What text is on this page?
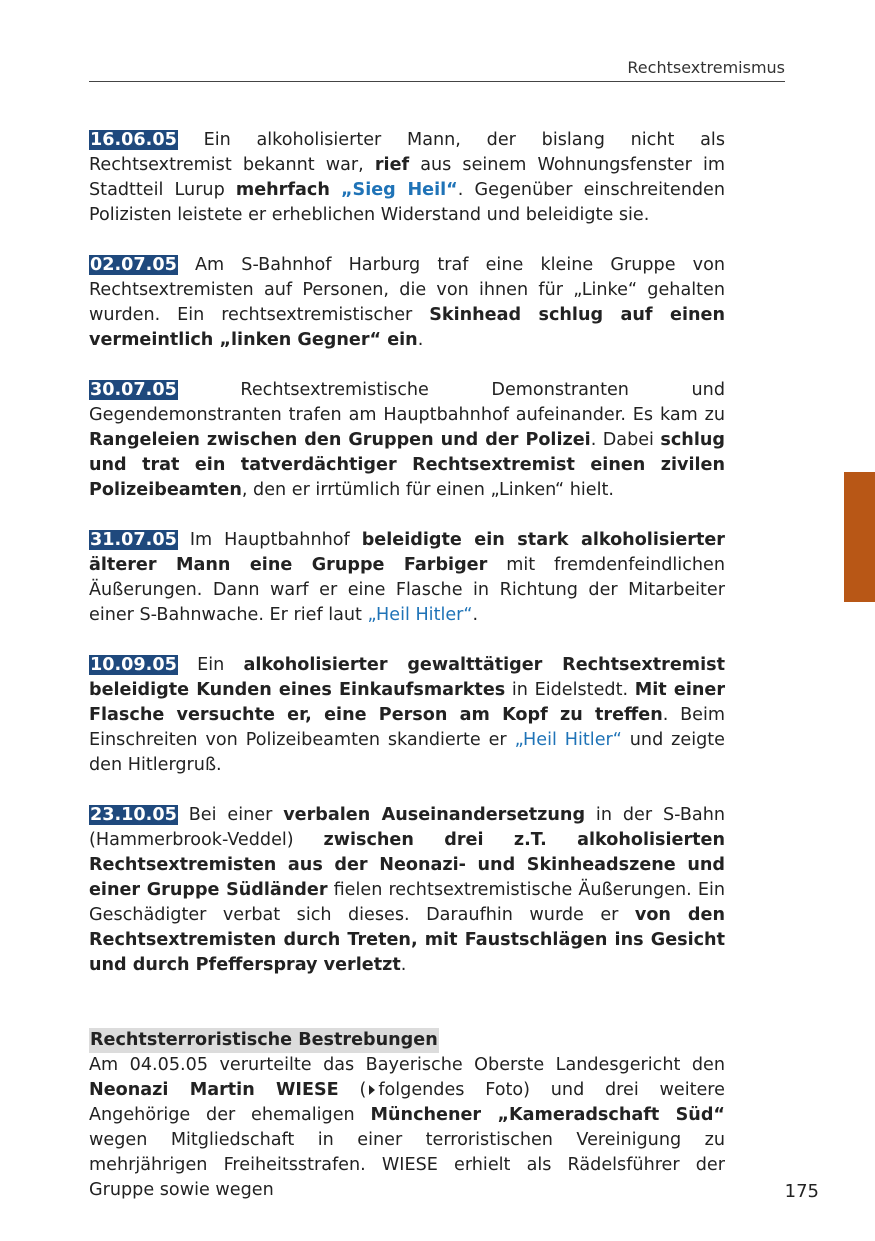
Rechtsextremismus

16.06.05 Ein alkoholisierter Mann, der bislang nicht als Rechtsextremist bekannt war, rief aus seinem Wohnungsfenster im Stadtteil Lurup mehrfach „Sieg Heil“. Gegenüber einschreitenden Polizisten leistete er erheblichen Widerstand und beleidigte sie.

02.07.05 Am S-Bahnhof Harburg traf eine kleine Gruppe von Rechtsextremisten auf Personen, die von ihnen für „Linke“ gehalten wurden. Ein rechtsextremistischer Skinhead schlug auf einen vermeintlich „linken Gegner“ ein.

30.07.05 Rechtsextremistische Demonstranten und Gegendemonstranten trafen am Hauptbahnhof aufeinander. Es kam zu Rangeleien zwischen den Gruppen und der Polizei. Dabei schlug und trat ein tatverdächtiger Rechtsextremist einen zivilen Polizeibeamten, den er irrtümlich für einen „Linken“ hielt.

31.07.05 Im Hauptbahnhof beleidigte ein stark alkoholisierter älterer Mann eine Gruppe Farbiger mit fremdenfeindlichen Äußerungen. Dann warf er eine Flasche in Richtung der Mitarbeiter einer S-Bahnwache. Er rief laut „Heil Hitler“.

10.09.05 Ein alkoholisierter gewalttätiger Rechtsextremist beleidigte Kunden eines Einkaufsmarktes in Eidelstedt. Mit einer Flasche versuchte er, eine Person am Kopf zu treffen. Beim Einschreiten von Polizeibeamten skandierte er „Heil Hitler“ und zeigte den Hitlergruß.

23.10.05 Bei einer verbalen Auseinandersetzung in der S-Bahn (Hammerbrook-Veddel) zwischen drei z.T. alkoholisierten Rechtsextremisten aus der Neonazi- und Skinheadszene und einer Gruppe Südländer fielen rechtsextremistische Äußerungen. Ein Geschädigter verbat sich dieses. Daraufhin wurde er von den Rechtsextremisten durch Treten, mit Faustschlägen ins Gesicht und durch Pfefferspray verletzt.

Rechtsterroristische Bestrebungen

Am 04.05.05 verurteilte das Bayerische Oberste Landesgericht den Neonazi Martin WIESE ( folgendes Foto) und drei weitere Angehörige der ehemaligen Münchener „Kameradschaft Süd“ wegen Mitgliedschaft in einer terroristischen Vereinigung zu mehrjährigen Freiheitsstrafen. WIESE erhielt als Rädelsführer der Gruppe sowie wegen	175
